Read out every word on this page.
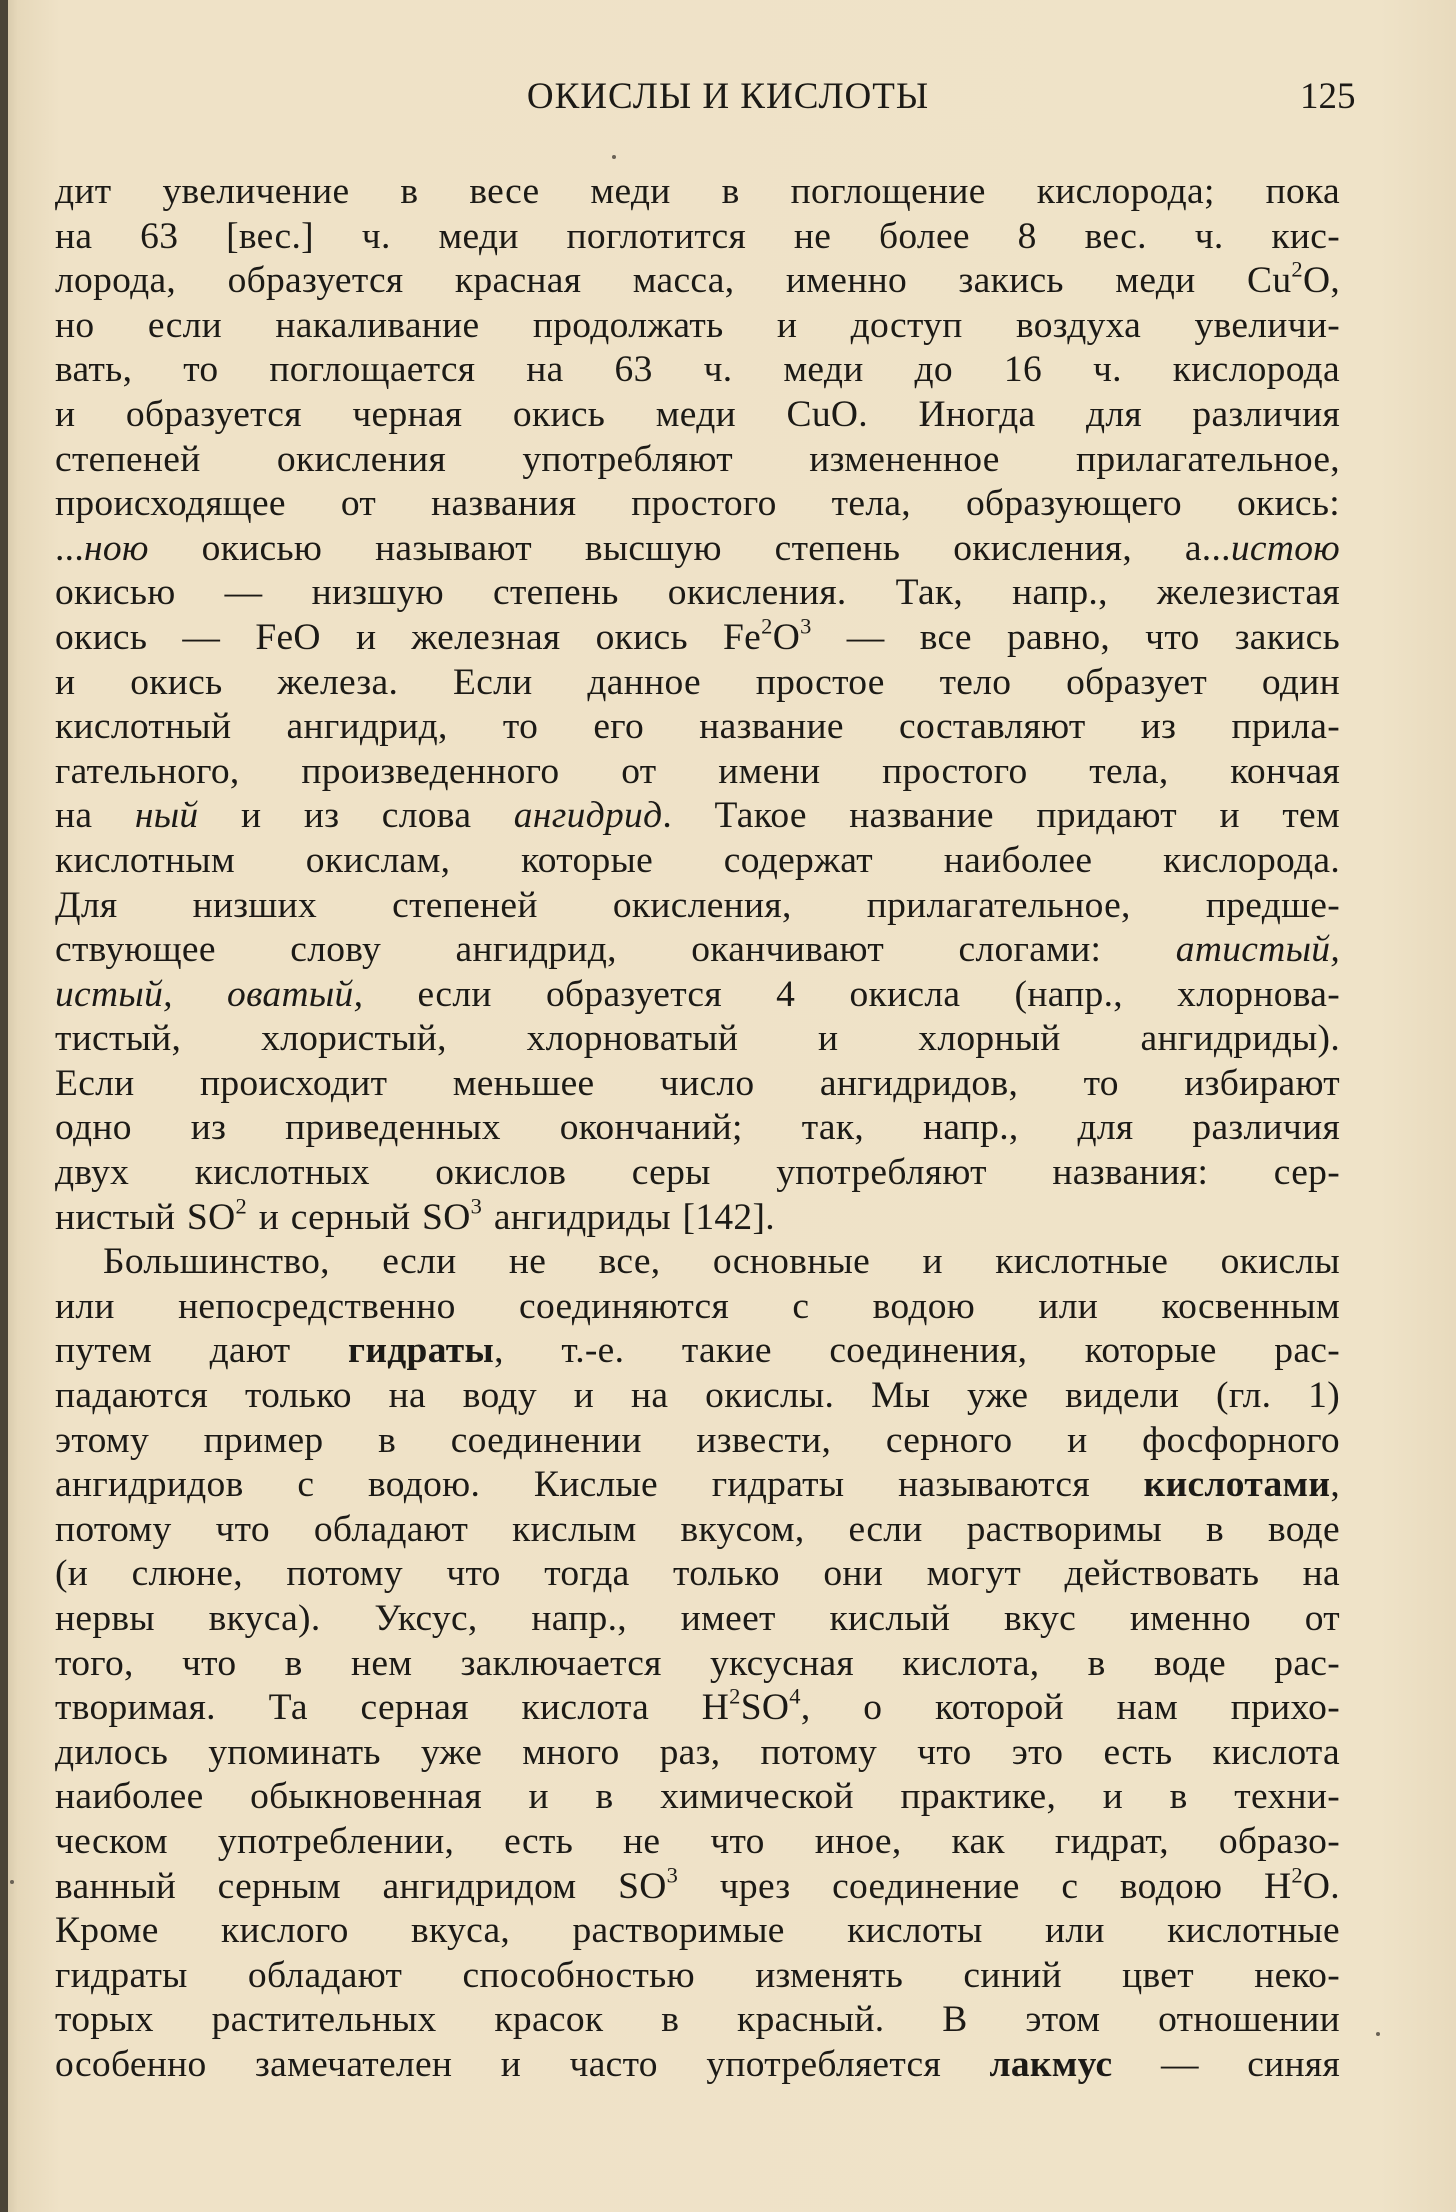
ОКИСЛЫ И КИСЛОТЫ	125
дит увеличение в весе меди в поглощение кислорода; пока
на 63 [вес.] ч. меди поглотится не более 8 вес. ч. кис-
лорода, образуется красная масса, именно закись меди Cu$^2$O,
но если накаливание продолжать и доступ воздуха увеличи-
вать, то поглощается на 63 ч. меди до 16 ч. кислорода
и образуется черная окись меди CuO. Иногда для различия
степеней окисления употребляют измененное прилагательное,
происходящее от названия простого тела, образующего окись:
...ною окисью называют высшую степень окисления, а...истою
окисью — низшую степень окисления. Так, напр., железистая
окись — FeO и железная окись $Fe^2O^3$ — все равно, что закись
и окись железа. Если данное простое тело образует один
кислотный ангидрид, то его название составляют из прила-
гательного, произведенного от имени простого тела, кончая
на ный и из слова ангидрид. Такое название придают и тем
кислотным окислам, которые содержат наиболее кислорода.
Для низших степеней окисления, прилагательное, предше-
ствующее слову ангидрид, оканчивают слогами: атистый,
истый, оватый, если образуется 4 окисла (напр., хлорнова-
тистый, хлористый, хлорноватый и хлорный ангидриды).
Если происходит меньшее число ангидридов, то избирают
одно из приведенных окончаний; так, напр., для различия
двух кислотных окислов серы употребляют названия: сер-
нистый $SO^2$ и серный $SO^3$ ангидриды [142].
Большинство, если не все, основные и кислотные окислы
или непосредственно соединяются с водою или косвенным
путем дают гидраты, т.-е. такие соединения, которые рас-
падаются только на воду и на окислы. Мы уже видели (гл. 1)
этому пример в соединении извести, серного и фосфорного
ангидридов с водою. Кислые гидраты называются кислотами,
потому что обладают кислым вкусом, если растворимы в воде
(и слюне, потому что тогда только они могут действовать на
нервы вкуса). Уксус, напр., имеет кислый вкус именно от
того, что в нем заключается уксусная кислота, в воде рас-
творимая. Та серная кислота $H^2SO^4$, о которой нам прихо-
дилось упоминать уже много раз, потому что это есть кислота
наиболее обыкновенная и в химической практике, и в техни-
ческом употреблении, есть не что иное, как гидрат, образо-
ванный серным ангидридом $SO^3$ чрез соединение с водою $H^2O$.
Кроме кислого вкуса, растворимые кислоты или кислотные
гидраты обладают способностью изменять синий цвет неко-
торых растительных красок в красный. В этом отношении
особенно замечателен и часто употребляется лакмус — синяя
